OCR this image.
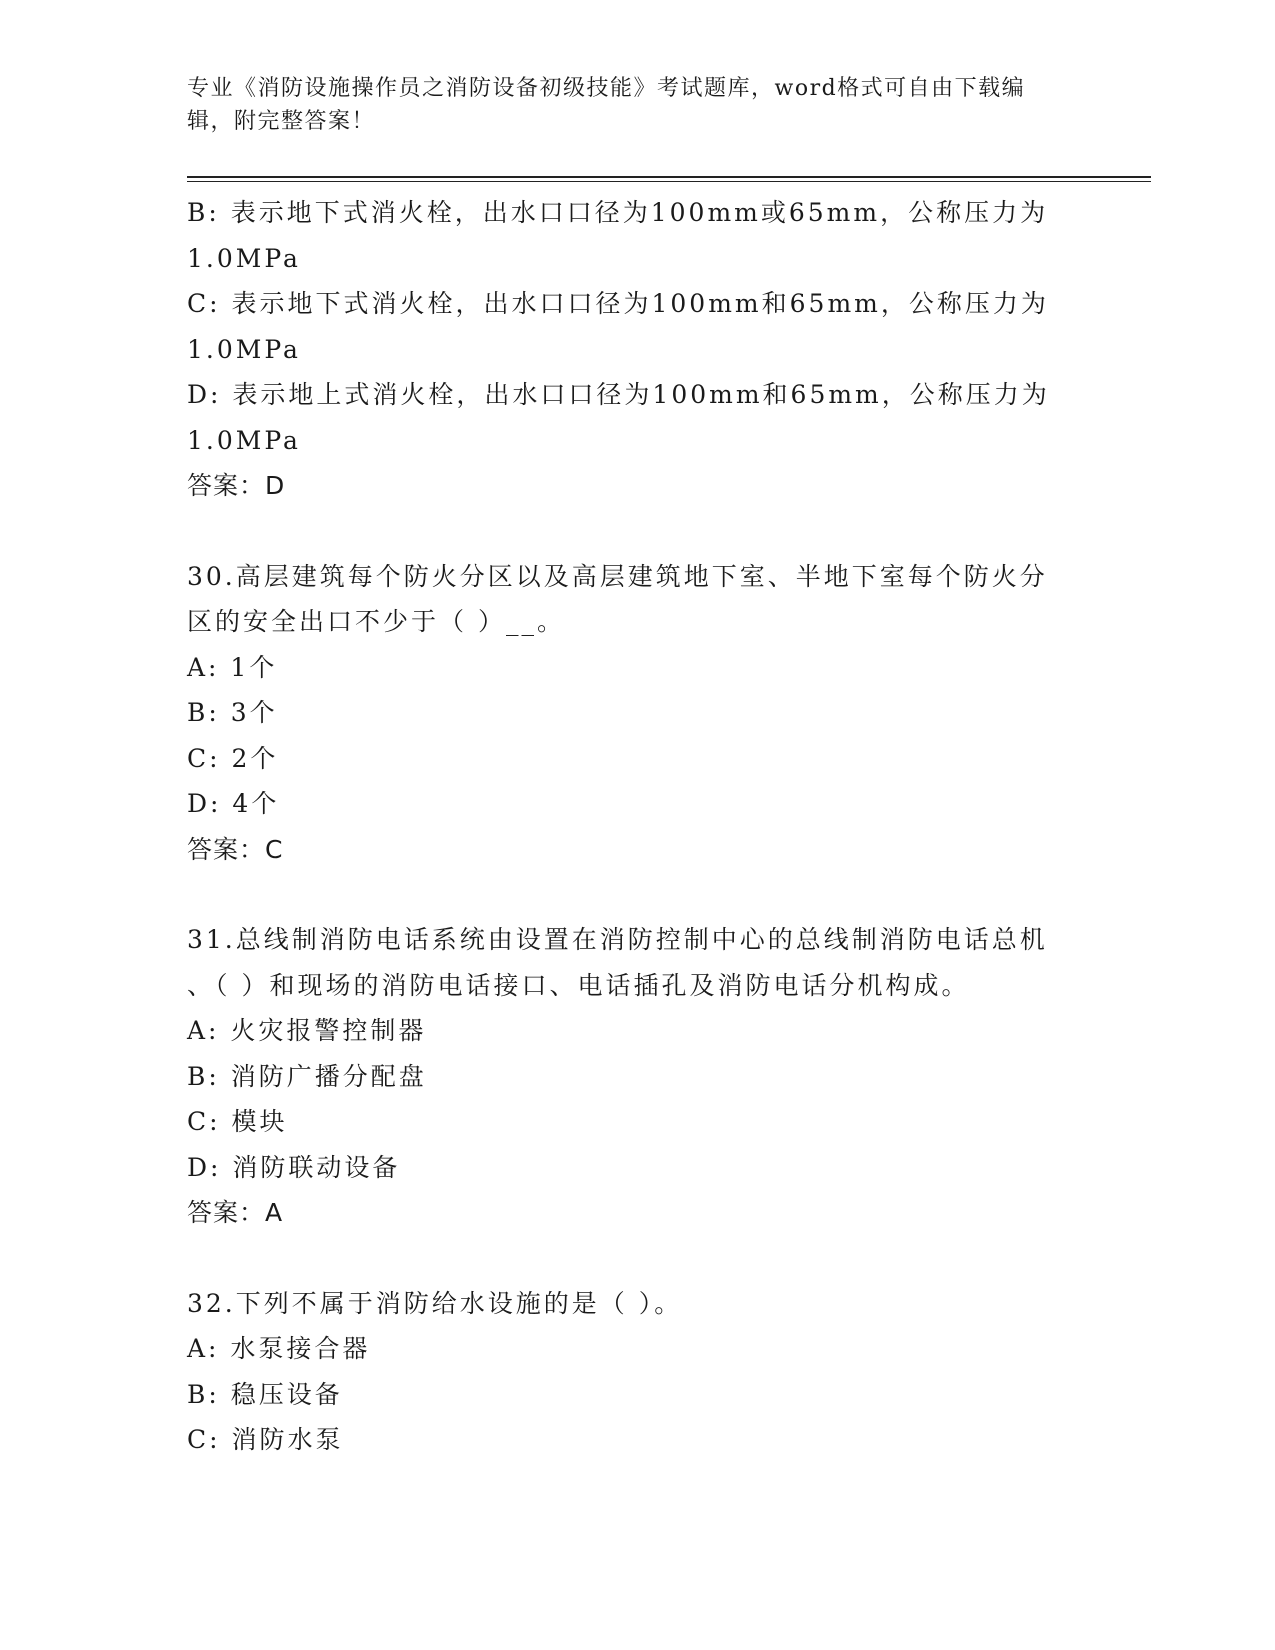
专业《消防设施操作员之消防设备初级技能》考试题库，word格式可自由下载编
辑，附完整答案！
B: 表示地下式消火栓，出水口口径为100mm或65mm，公称压力为
1.0MPa
C: 表示地下式消火栓，出水口口径为100mm和65mm，公称压力为
1.0MPa
D: 表示地上式消火栓，出水口口径为100mm和65mm，公称压力为
1.0MPa
答案：D
30.高层建筑每个防火分区以及高层建筑地下室、半地下室每个防火分
区的安全出口不少于（ ）__。
A: 1个
B: 3个
C: 2个
D: 4个
答案：C
31.总线制消防电话系统由设置在消防控制中心的总线制消防电话总机
、（ ）和现场的消防电话接口、电话插孔及消防电话分机构成。
A: 火灾报警控制器
B: 消防广播分配盘
C: 模块
D: 消防联动设备
答案：A
32.下列不属于消防给水设施的是（ ）。
A: 水泵接合器
B: 稳压设备
C: 消防水泵
